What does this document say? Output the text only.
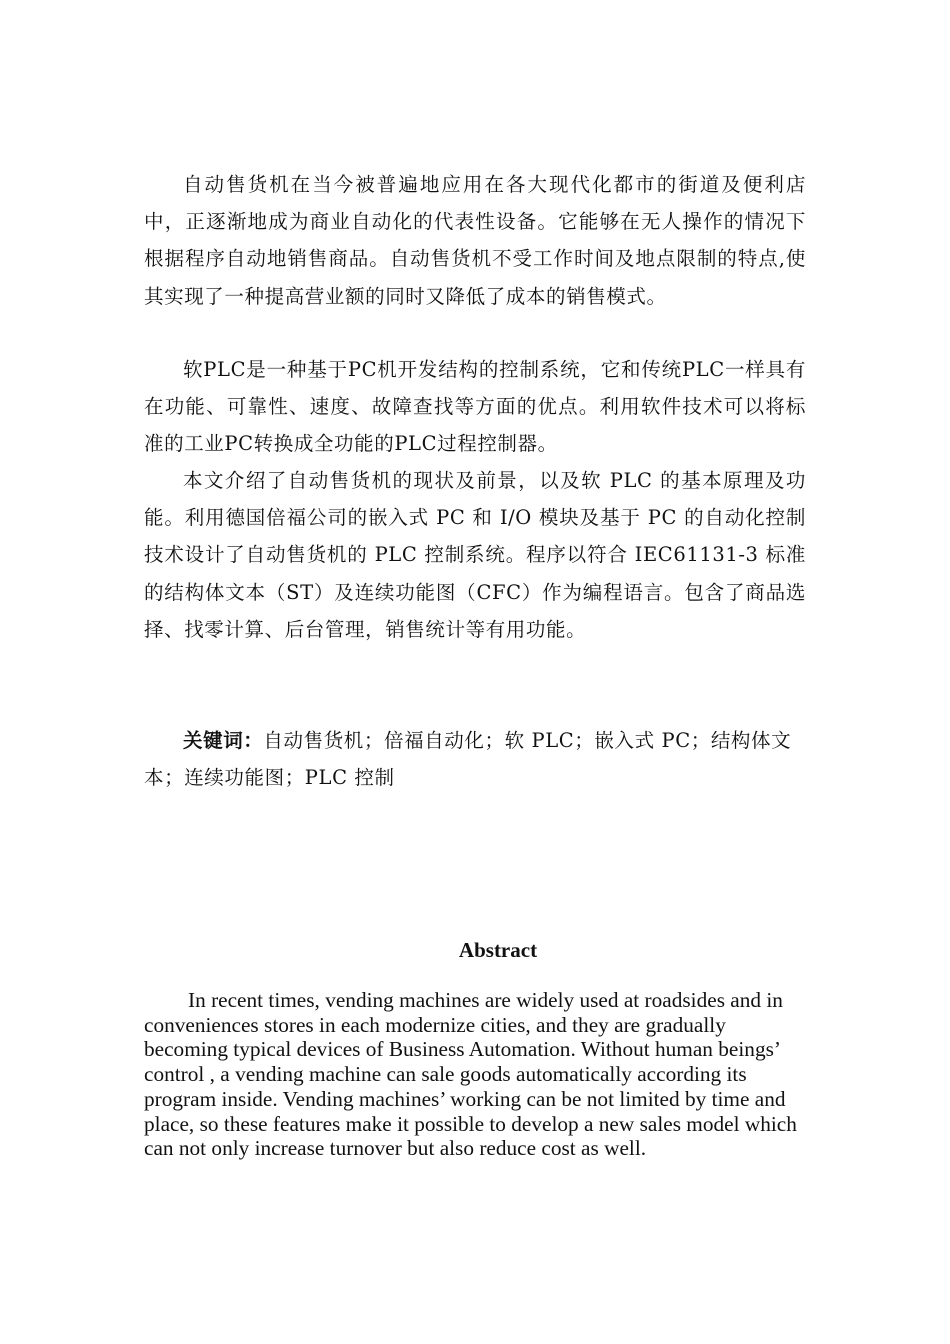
自动售货机在当今被普遍地应用在各大现代化都市的街道及便利店中，正逐渐地成为商业自动化的代表性设备。它能够在无人操作的情况下根据程序自动地销售商品。自动售货机不受工作时间及地点限制的特点,使其实现了一种提高营业额的同时又降低了成本的销售模式。

软PLC是一种基于PC机开发结构的控制系统，它和传统PLC一样具有在功能、可靠性、速度、故障查找等方面的优点。利用软件技术可以将标准的工业PC转换成全功能的PLC过程控制器。

本文介绍了自动售货机的现状及前景，以及软 PLC 的基本原理及功能。利用德国倍福公司的嵌入式 PC 和 I/O 模块及基于 PC 的自动化控制技术设计了自动售货机的 PLC 控制系统。程序以符合 IEC61131-3 标准的结构体文本（ST）及连续功能图（CFC）作为编程语言。包含了商品选择、找零计算、后台管理，销售统计等有用功能。

关键词：自动售货机；倍福自动化；软 PLC；嵌入式 PC；结构体文本；连续功能图；PLC 控制

Abstract

In recent times, vending machines are widely used at roadsides and in conveniences stores in each modernize cities, and they are gradually becoming typical devices of Business Automation. Without human beings’ control , a vending machine can sale goods automatically according its program inside. Vending machines’ working can be not limited by time and place, so these features make it possible to develop a new sales model which can not only increase turnover but also reduce cost as well.
